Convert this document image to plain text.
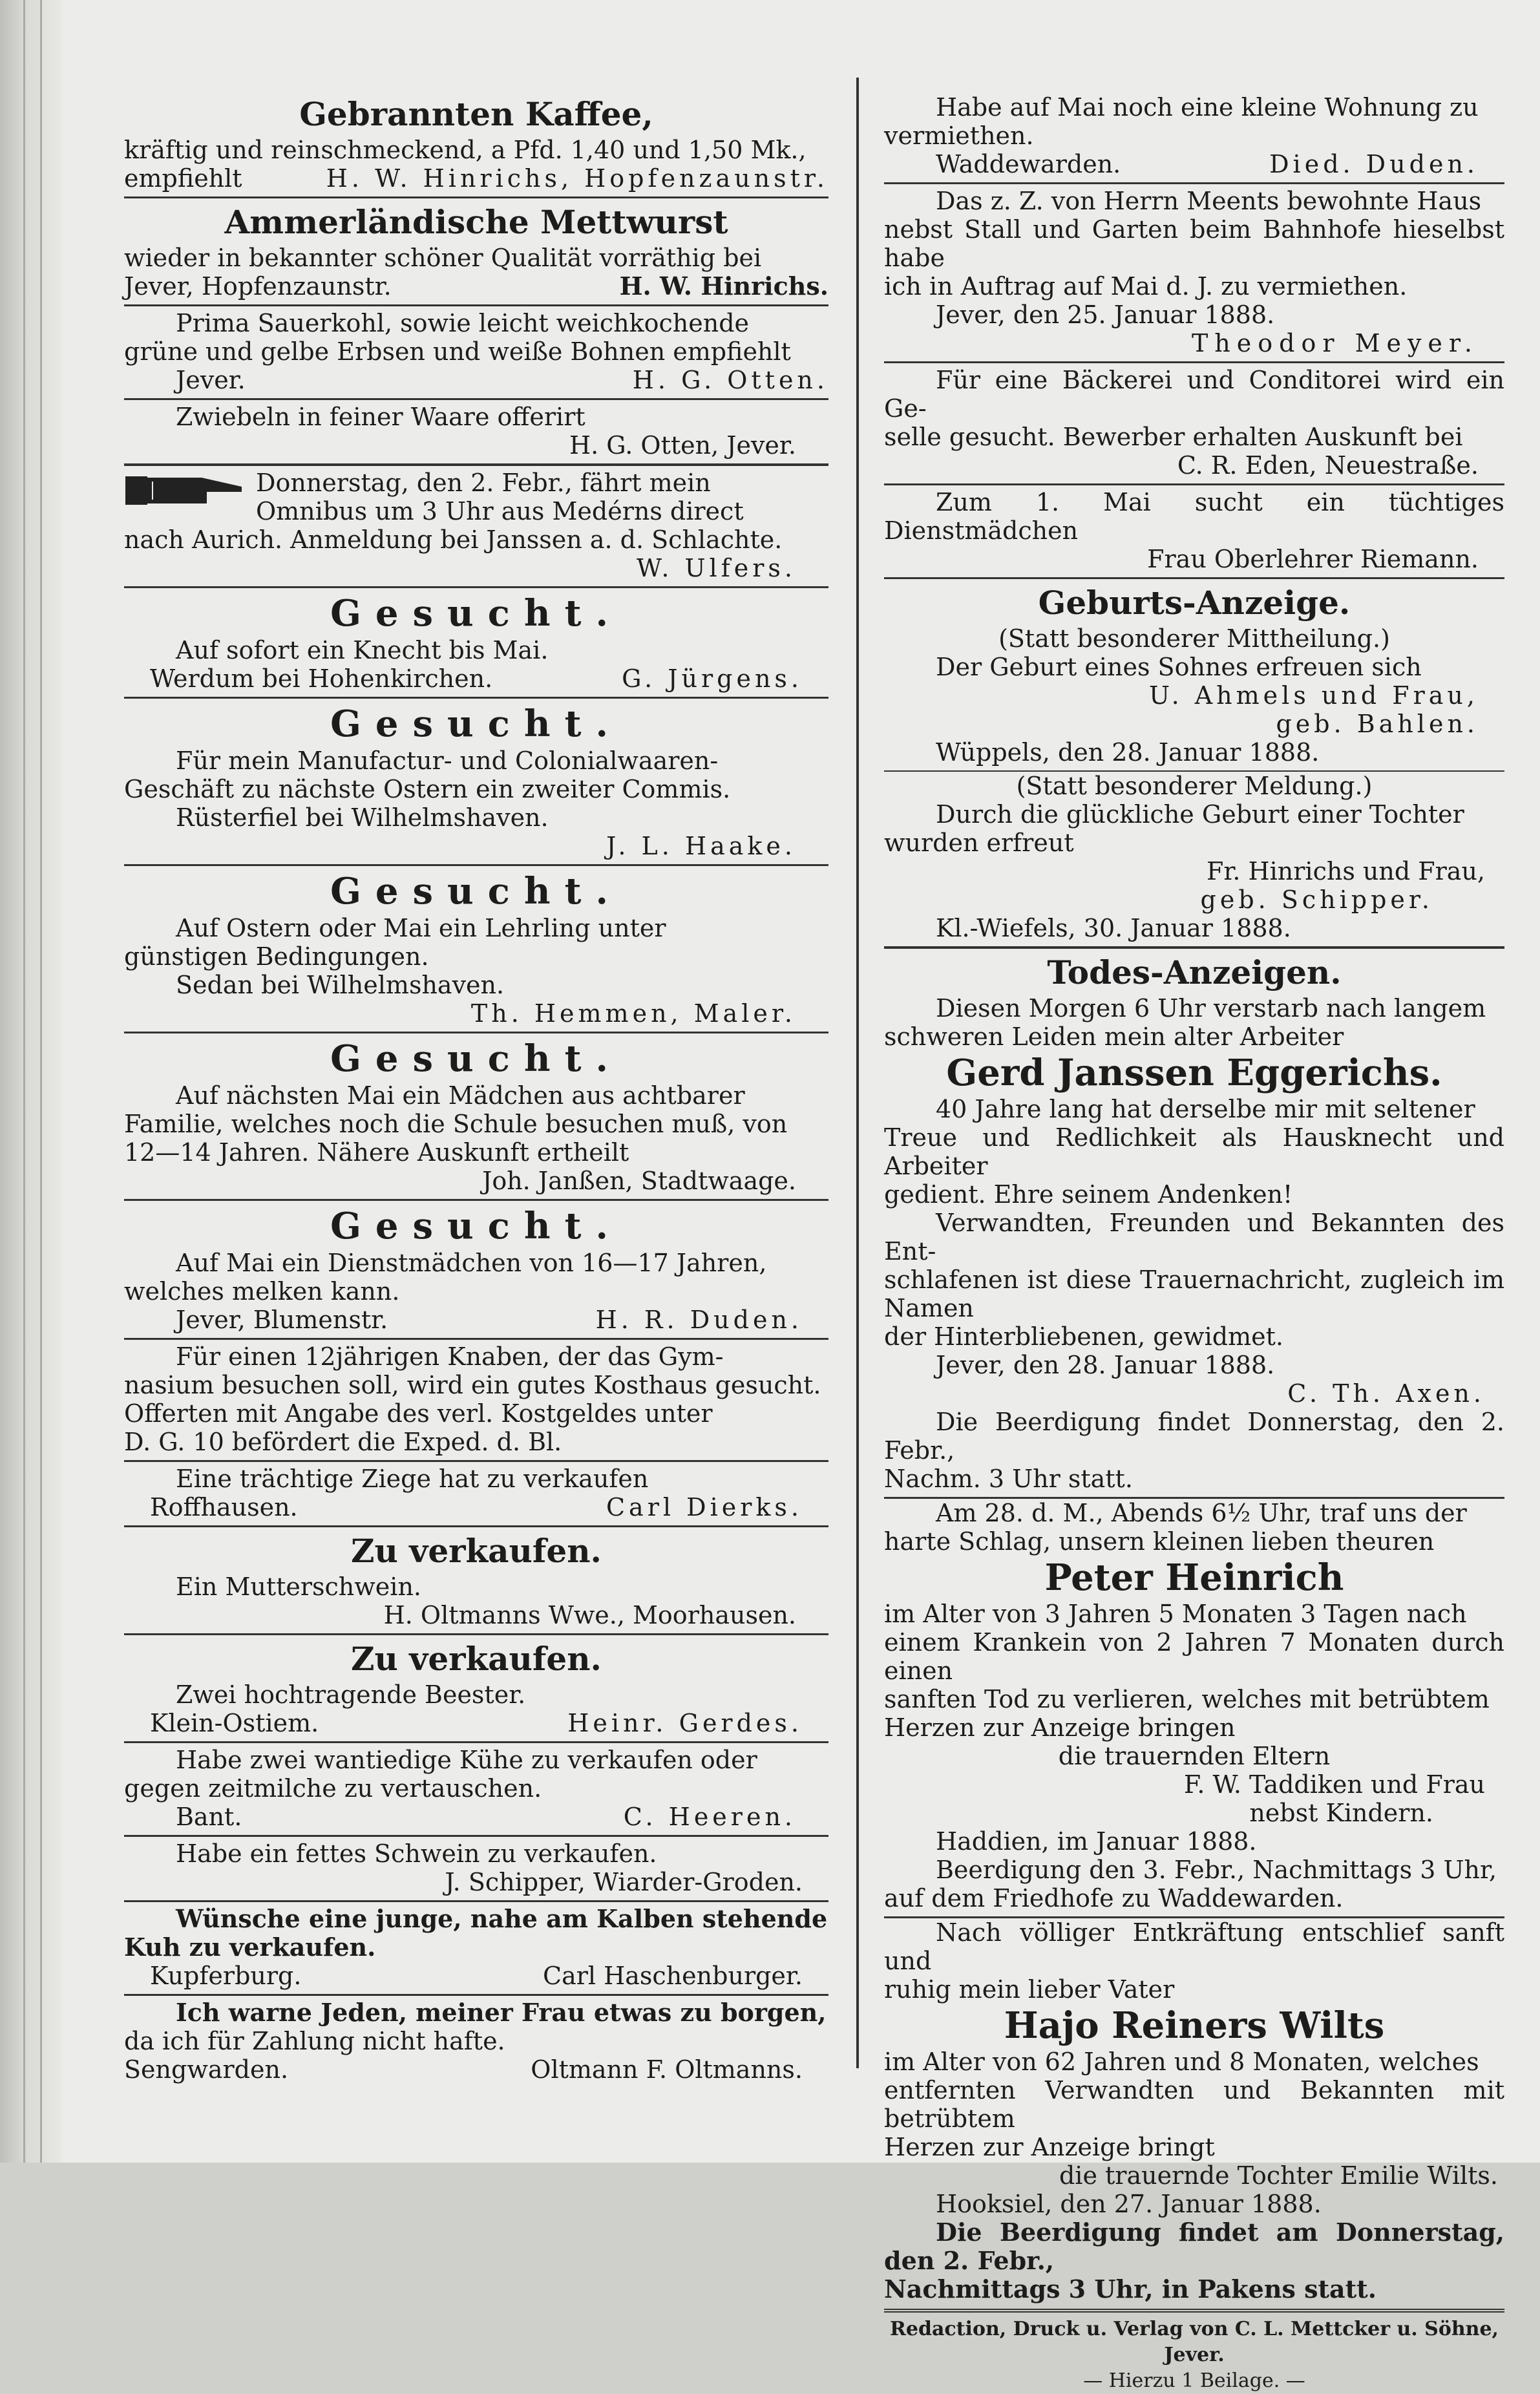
Gebrannten Kaffee,

kräftig und reinschmeckend, a Pfd. 1,40 und 1,50 Mk.,

empfiehlt	H. W. Hinrichs, Hopfenzaunstr.
Ammerländische Mettwurst

wieder in bekannter schöner Qualität vorräthig bei

Jever, Hopfenzaunstr.	H. W. Hinrichs.

Prima Sauerkohl, sowie leicht weichkochende

grüne und gelbe Erbsen und weiße Bohnen empfiehlt

Jever.	H. G. Otten.

Zwiebeln in feiner Waare offerirt

H. G. Otten, Jever.

Donnerstag, den 2. Febr., fährt mein

Omnibus um 3 Uhr aus Medérns direct

nach Aurich. Anmeldung bei Janssen a. d. Schlachte.

W. Ulfers.

Gesucht.

Auf sofort ein Knecht bis Mai.

Werdum bei Hohenkirchen.	G. Jürgens.
Gesucht.

Für mein Manufactur- und Colonialwaaren-

Geschäft zu nächste Ostern ein zweiter Commis.

Rüsterfiel bei Wilhelmshaven.

J. L. Haake.

Gesucht.

Auf Ostern oder Mai ein Lehrling unter

günstigen Bedingungen.

Sedan bei Wilhelmshaven.

Th. Hemmen, Maler.

Gesucht.

Auf nächsten Mai ein Mädchen aus achtbarer

Familie, welches noch die Schule besuchen muß, von

12—14 Jahren. Nähere Auskunft ertheilt

Joh. Janßen, Stadtwaage.

Gesucht.

Auf Mai ein Dienstmädchen von 16—17 Jahren,

welches melken kann.

Jever, Blumenstr.	H. R. Duden.

Für einen 12jährigen Knaben, der das Gym-

nasium besuchen soll, wird ein gutes Kosthaus gesucht.

Offerten mit Angabe des verl. Kostgeldes unter

D. G. 10 befördert die Exped. d. Bl.

Eine trächtige Ziege hat zu verkaufen

Roffhausen.	Carl Dierks.
Zu verkaufen.

Ein Mutterschwein.

H. Oltmanns Wwe., Moorhausen.

Zu verkaufen.

Zwei hochtragende Beester.

Klein-Ostiem.	Heinr. Gerdes.

Habe zwei wantiedige Kühe zu verkaufen oder

gegen zeitmilche zu vertauschen.

Bant.	C. Heeren.

Habe ein fettes Schwein zu verkaufen.

J. Schipper, Wiarder-Groden.

Wünsche eine junge, nahe am Kalben stehende

Kuh zu verkaufen.

Kupferburg.	Carl Haschenburger.

Ich warne Jeden, meiner Frau etwas zu borgen,

da ich für Zahlung nicht hafte.

Sengwarden.	Oltmann F. Oltmanns.

Habe auf Mai noch eine kleine Wohnung zu

vermiethen.

Waddewarden.	Died. Duden.

Das z. Z. von Herrn Meents bewohnte Haus

nebst Stall und Garten beim Bahnhofe hieselbst habe

ich in Auftrag auf Mai d. J. zu vermiethen.

Jever, den 25. Januar 1888.

Theodor Meyer.

Für eine Bäckerei und Conditorei wird ein Ge-

selle gesucht. Bewerber erhalten Auskunft bei

C. R. Eden, Neuestraße.

Zum 1. Mai sucht ein tüchtiges Dienstmädchen

Frau Oberlehrer Riemann.

Geburts-Anzeige.

(Statt besonderer Mittheilung.)

Der Geburt eines Sohnes erfreuen sich

U. Ahmels und Frau,

geb. Bahlen.

Wüppels, den 28. Januar 1888.

(Statt besonderer Meldung.)

Durch die glückliche Geburt einer Tochter

wurden erfreut

Fr. Hinrichs und Frau,

geb. Schipper.

Kl.-Wiefels, 30. Januar 1888.

Todes-Anzeigen.

Diesen Morgen 6 Uhr verstarb nach langem

schweren Leiden mein alter Arbeiter

Gerd Janssen Eggerichs.

40 Jahre lang hat derselbe mir mit seltener

Treue und Redlichkeit als Hausknecht und Arbeiter

gedient. Ehre seinem Andenken!

Verwandten, Freunden und Bekannten des Ent-

schlafenen ist diese Trauernachricht, zugleich im Namen

der Hinterbliebenen, gewidmet.

Jever, den 28. Januar 1888.

C. Th. Axen.

Die Beerdigung findet Donnerstag, den 2. Febr.,

Nachm. 3 Uhr statt.

Am 28. d. M., Abends 6½ Uhr, traf uns der

harte Schlag, unsern kleinen lieben theuren

Peter Heinrich

im Alter von 3 Jahren 5 Monaten 3 Tagen nach

einem Krankein von 2 Jahren 7 Monaten durch einen

sanften Tod zu verlieren, welches mit betrübtem

Herzen zur Anzeige bringen

die trauernden Eltern

F. W. Taddiken und Frau

nebst Kindern.

Haddien, im Januar 1888.

Beerdigung den 3. Febr., Nachmittags 3 Uhr,

auf dem Friedhofe zu Waddewarden.

Nach völliger Entkräftung entschlief sanft und

ruhig mein lieber Vater

Hajo Reiners Wilts

im Alter von 62 Jahren und 8 Monaten, welches

entfernten Verwandten und Bekannten mit betrübtem

Herzen zur Anzeige bringt

die trauernde Tochter Emilie Wilts.

Hooksiel, den 27. Januar 1888.

Die Beerdigung findet am Donnerstag, den 2. Febr.,

Nachmittags 3 Uhr, in Pakens statt.

Redaction, Druck u. Verlag von C. L. Mettcker u. Söhne, Jever.
— Hierzu 1 Beilage. —
